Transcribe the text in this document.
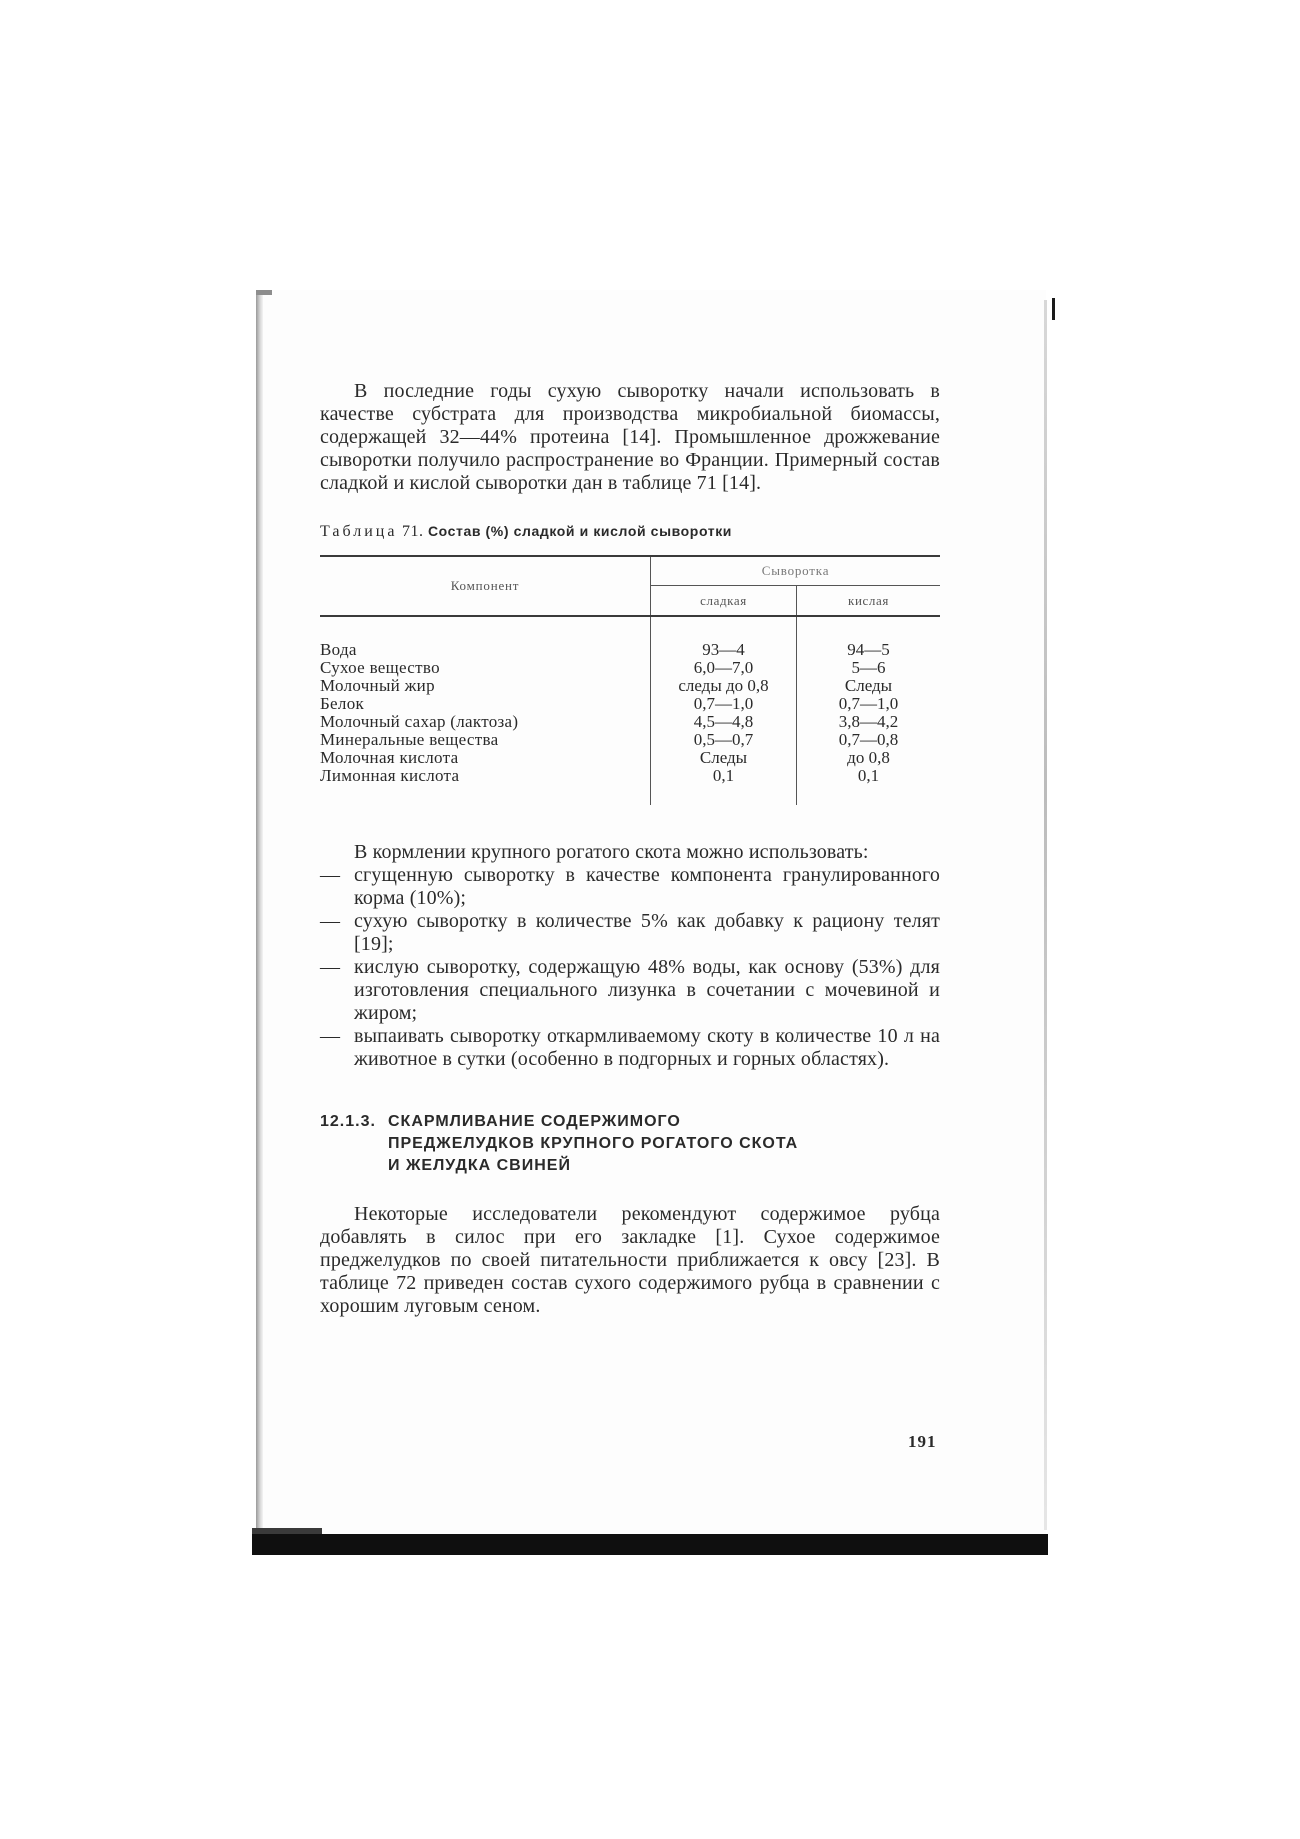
В последние годы сухую сыворотку начали использовать в качестве субстрата для производства микробиальной биомассы, содержащей 32—44% протеина [14]. Промышленное дрожжевание сыворотки получило распространение во Франции. Примерный состав сладкой и кислой сыворотки дан в таблице 71 [14].

Таблица 71. Состав (%) сладкой и кислой сыворотки
Компонент	Сыворотка	
	сладкая	кислая

Вода	93—4	94—5
Сухое вещество	6,0—7,0	5—6
Молочный жир	следы до 0,8	Следы
Белок	0,7—1,0	0,7—1,0
Молочный сахар (лактоза)	4,5—4,8	3,8—4,2
Минеральные вещества	0,5—0,7	0,7—0,8
Молочная кислота	Следы	до 0,8
Лимонная кислота	0,1	0,1

В кормлении крупного рогатого скота можно использовать:

— сгущенную сыворотку в качестве компонента гранулированного корма (10%);
— сухую сыворотку в количестве 5% как добавку к рациону телят [19];
— кислую сыворотку, содержащую 48% воды, как основу (53%) для изготовления специального лизунка в сочетании с мочевиной и жиром;
— выпаивать сыворотку откармливаемому скоту в количестве 10 л на животное в сутки (особенно в подгорных и горных областях).
12.1.3. СКАРМЛИВАНИЕ СОДЕРЖИМОГО
ПРЕДЖЕЛУДКОВ КРУПНОГО РОГАТОГО СКОТА
И ЖЕЛУДКА СВИНЕЙ

Некоторые исследователи рекомендуют содержимое рубца добавлять в силос при его закладке [1]. Сухое содержимое преджелудков по своей питательности приближается к овсу [23]. В таблице 72 приведен состав сухого содержимого рубца в сравнении с хорошим луговым сеном.

191
